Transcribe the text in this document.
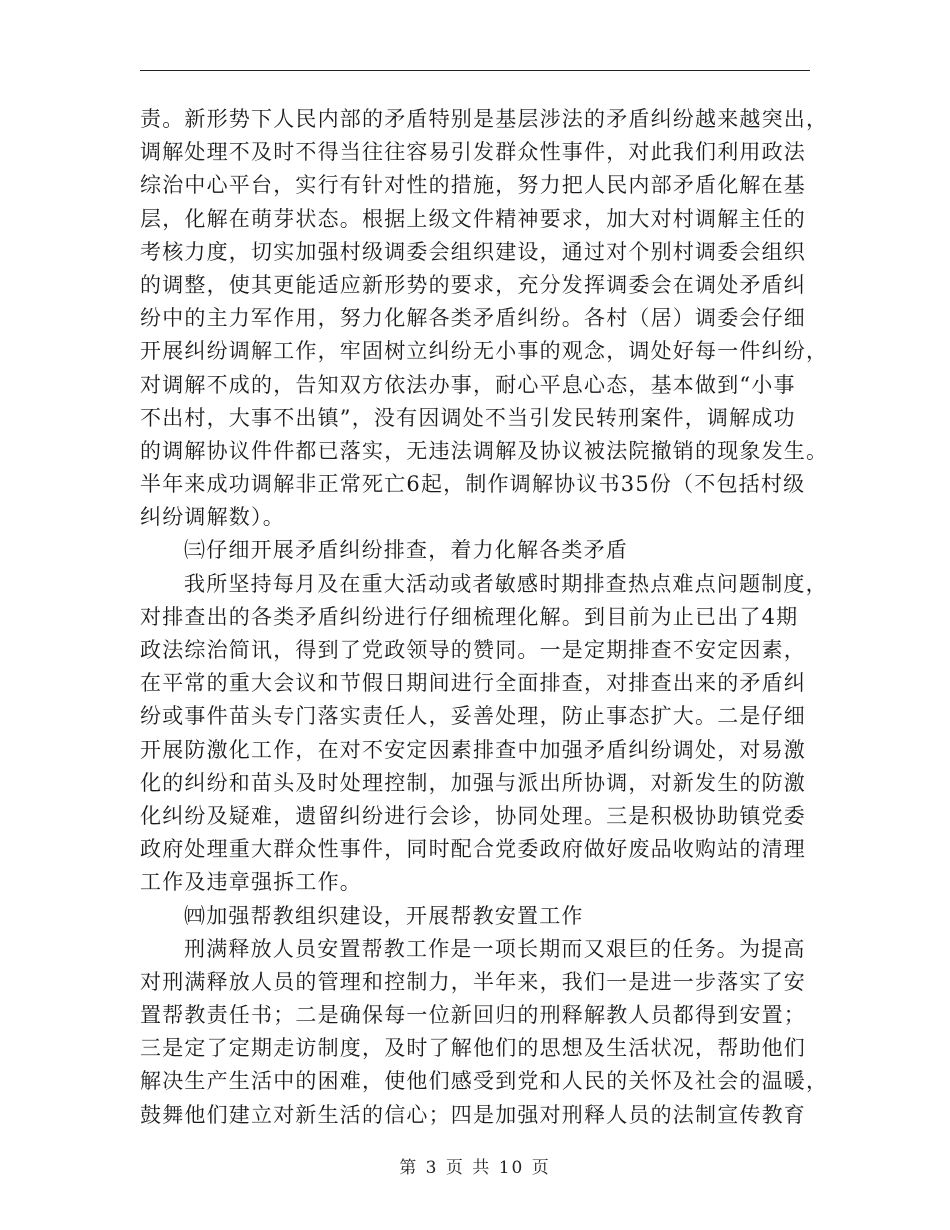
责。新形势下人民内部的矛盾特别是基层涉法的矛盾纠纷越来越突出，
调解处理不及时不得当往往容易引发群众性事件，对此我们利用政法
综治中心平台，实行有针对性的措施，努力把人民内部矛盾化解在基
层，化解在萌芽状态。根据上级文件精神要求，加大对村调解主任的
考核力度，切实加强村级调委会组织建设，通过对个别村调委会组织
的调整，使其更能适应新形势的要求，充分发挥调委会在调处矛盾纠
纷中的主力军作用，努力化解各类矛盾纠纷。各村（居）调委会仔细
开展纠纷调解工作，牢固树立纠纷无小事的观念，调处好每一件纠纷，
对调解不成的，告知双方依法办事，耐心平息心态，基本做到“小事
不出村，大事不出镇”，没有因调处不当引发民转刑案件，调解成功
的调解协议件件都已落实，无违法调解及协议被法院撤销的现象发生。
半年来成功调解非正常死亡6起，制作调解协议书35份（不包括村级
纠纷调解数）。
㈢仔细开展矛盾纠纷排查，着力化解各类矛盾
我所坚持每月及在重大活动或者敏感时期排查热点难点问题制度，
对排查出的各类矛盾纠纷进行仔细梳理化解。到目前为止已出了4期
政法综治简讯，得到了党政领导的赞同。一是定期排查不安定因素，
在平常的重大会议和节假日期间进行全面排查，对排查出来的矛盾纠
纷或事件苗头专门落实责任人，妥善处理，防止事态扩大。二是仔细
开展防激化工作，在对不安定因素排查中加强矛盾纠纷调处，对易激
化的纠纷和苗头及时处理控制，加强与派出所协调，对新发生的防激
化纠纷及疑难，遗留纠纷进行会诊，协同处理。三是积极协助镇党委
政府处理重大群众性事件，同时配合党委政府做好废品收购站的清理
工作及违章强拆工作。
㈣加强帮教组织建设，开展帮教安置工作
刑满释放人员安置帮教工作是一项长期而又艰巨的任务。为提高
对刑满释放人员的管理和控制力，半年来，我们一是进一步落实了安
置帮教责任书；二是确保每一位新回归的刑释解教人员都得到安置；
三是定了定期走访制度，及时了解他们的思想及生活状况，帮助他们
解决生产生活中的困难，使他们感受到党和人民的关怀及社会的温暖，
鼓舞他们建立对新生活的信心；四是加强对刑释人员的法制宣传教育
第 3 页 共 10 页
